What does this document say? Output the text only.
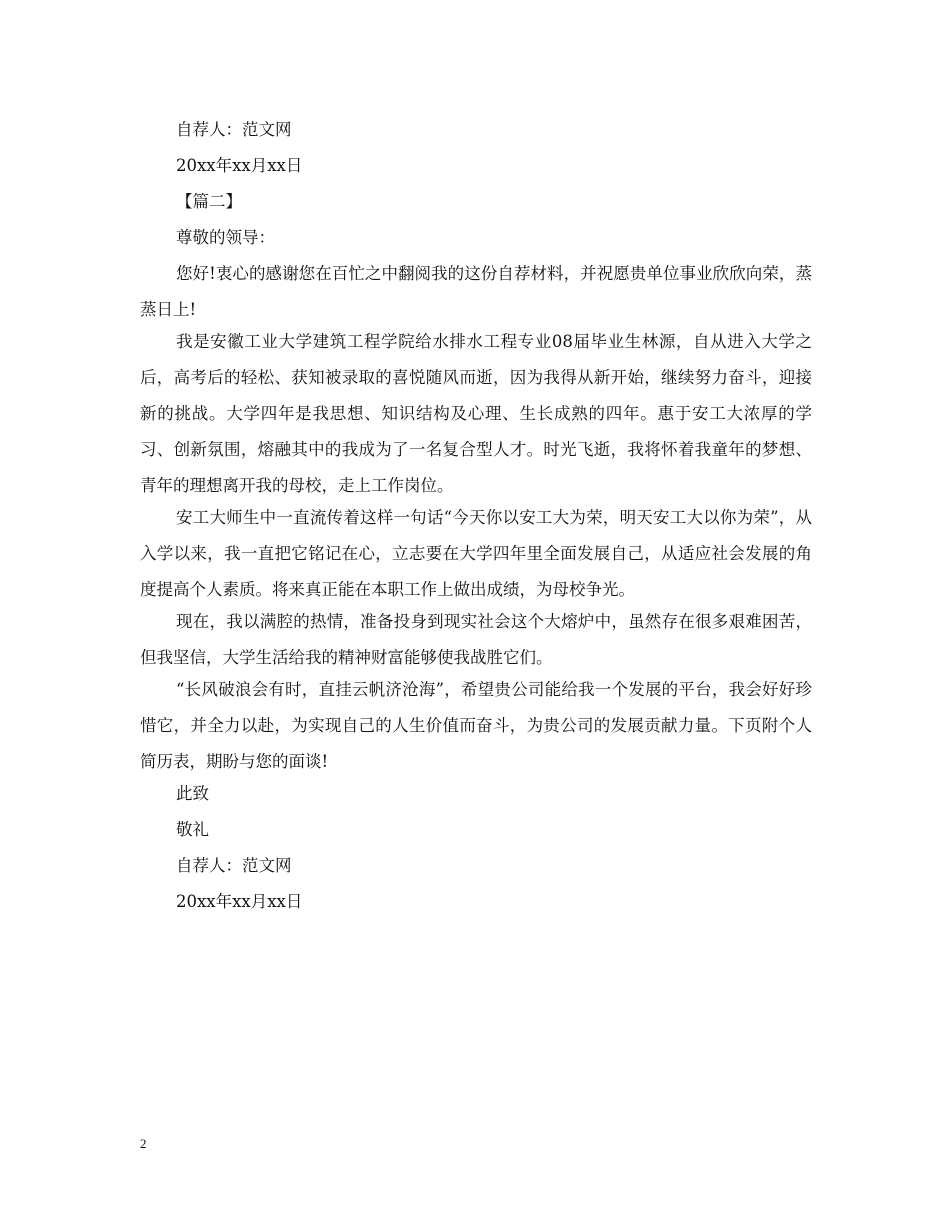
自荐人：范文网
20xx年xx月xx日
【篇二】
尊敬的领导：

您好!衷心的感谢您在百忙之中翻阅我的这份自荐材料，并祝愿贵单位事业欣欣向荣，蒸蒸日上!

我是安徽工业大学建筑工程学院给水排水工程专业08届毕业生林源，自从进入大学之后，高考后的轻松、获知被录取的喜悦随风而逝，因为我得从新开始，继续努力奋斗，迎接新的挑战。大学四年是我思想、知识结构及心理、生长成熟的四年。惠于安工大浓厚的学习、创新氛围，熔融其中的我成为了一名复合型人才。时光飞逝，我将怀着我童年的梦想、青年的理想离开我的母校，走上工作岗位。

安工大师生中一直流传着这样一句话“今天你以安工大为荣，明天安工大以你为荣”，从入学以来，我一直把它铭记在心，立志要在大学四年里全面发展自己，从适应社会发展的角度提高个人素质。将来真正能在本职工作上做出成绩，为母校争光。

现在，我以满腔的热情，准备投身到现实社会这个大熔炉中，虽然存在很多艰难困苦，但我坚信，大学生活给我的精神财富能够使我战胜它们。

“长风破浪会有时，直挂云帆济沧海”，希望贵公司能给我一个发展的平台，我会好好珍惜它，并全力以赴，为实现自己的人生价值而奋斗，为贵公司的发展贡献力量。下页附个人简历表，期盼与您的面谈!

此致
敬礼
自荐人：范文网
20xx年xx月xx日
2
